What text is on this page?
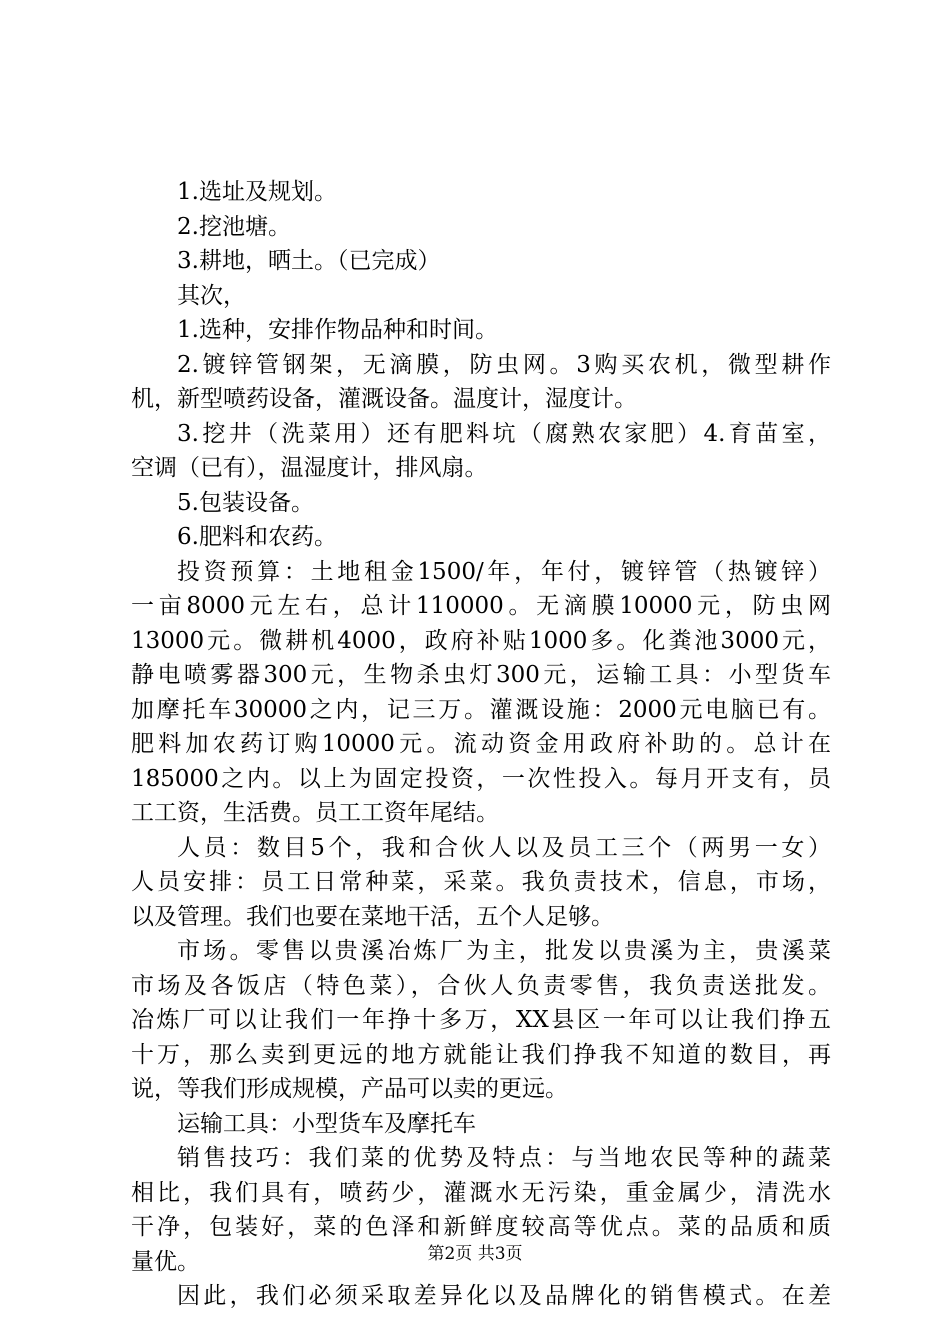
1.选址及规划。
2.挖池塘。
3.耕地，晒土。（已完成）
其次，
1.选种，安排作物品种和时间。
2.镀锌管钢架，无滴膜，防虫网。3购买农机，微型耕作
机，新型喷药设备，灌溉设备。温度计，湿度计。
3.挖井（洗菜用）还有肥料坑（腐熟农家肥）4.育苗室，
空调（已有），温湿度计，排风扇。
5.包装设备。
6.肥料和农药。
投资预算：土地租金1500/年，年付，镀锌管（热镀锌）
一亩8000元左右，总计110000。无滴膜10000元，防虫网
13000元。微耕机4000，政府补贴1000多。化粪池3000元，
静电喷雾器300元，生物杀虫灯300元，运输工具：小型货车
加摩托车30000之内，记三万。灌溉设施：2000元电脑已有。
肥料加农药订购10000元。流动资金用政府补助的。总计在
185000之内。以上为固定投资，一次性投入。每月开支有，员
工工资，生活费。员工工资年尾结。
人员：数目5个，我和合伙人以及员工三个（两男一女）
人员安排：员工日常种菜，采菜。我负责技术，信息，市场，
以及管理。我们也要在菜地干活，五个人足够。
市场。零售以贵溪冶炼厂为主，批发以贵溪为主，贵溪菜
市场及各饭店（特色菜），合伙人负责零售，我负责送批发。
冶炼厂可以让我们一年挣十多万，XX县区一年可以让我们挣五
十万，那么卖到更远的地方就能让我们挣我不知道的数目，再
说，等我们形成规模，产品可以卖的更远。
运输工具：小型货车及摩托车
销售技巧：我们菜的优势及特点：与当地农民等种的蔬菜
相比，我们具有，喷药少，灌溉水无污染，重金属少，清洗水
干净，包装好，菜的色泽和新鲜度较高等优点。菜的品质和质
量优。
因此，我们必须采取差异化以及品牌化的销售模式。在差
第2页 共3页
